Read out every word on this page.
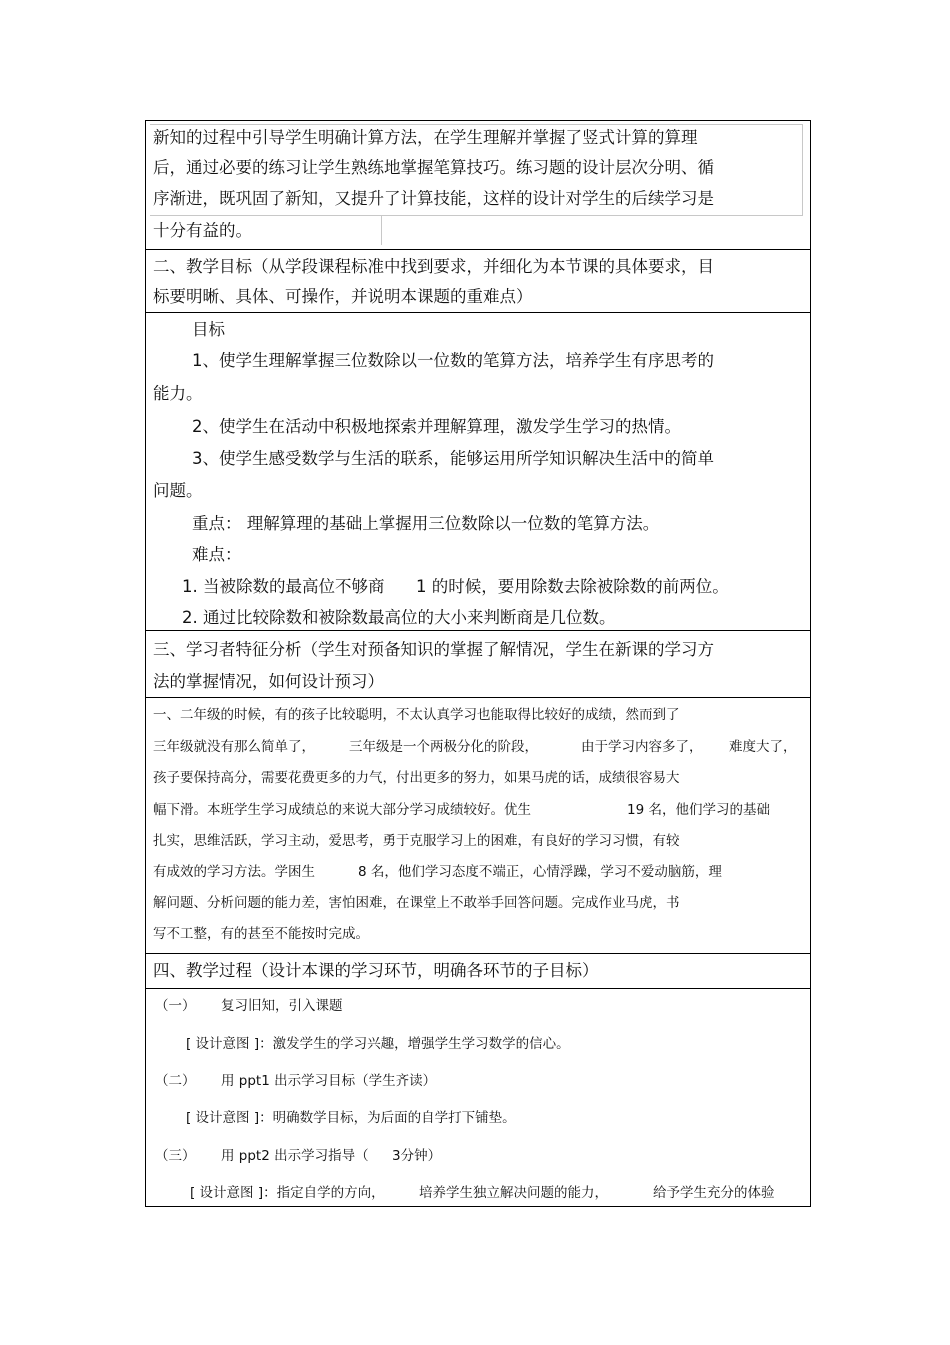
新知的过程中引导学生明确计算方法，在学生理解并掌握了竖式计算的算理
后，通过必要的练习让学生熟练地掌握笔算技巧。练习题的设计层次分明、循
序渐进，既巩固了新知，又提升了计算技能，这样的设计对学生的后续学习是
十分有益的。
二、教学目标（从学段课程标准中找到要求，并细化为本节课的具体要求，目
标要明晰、具体、可操作，并说明本课题的重难点）
目标
1、使学生理解掌握三位数除以一位数的笔算方法，培养学生有序思考的
能力。
2、使学生在活动中积极地探索并理解算理，激发学生学习的热情。
3、使学生感受数学与生活的联系，能够运用所学知识解决生活中的简单
问题。
重点： 理解算理的基础上掌握用三位数除以一位数的笔算方法。
难点：
1. 当被除数的最高位不够商 1 的时候，要用除数去除被除数的前两位。
2. 通过比较除数和被除数最高位的大小来判断商是几位数。
三、学习者特征分析（学生对预备知识的掌握了解情况，学生在新课的学习方
法的掌握情况，如何设计预习）
一、二年级的时候，有的孩子比较聪明，不太认真学习也能取得比较好的成绩，然而到了
三年级就没有那么简单了，	三年级是一个两极分化的阶段，	由于学习内容多了， 难度大了，
孩子要保持高分，需要花费更多的力气，付出更多的努力，如果马虎的话，成绩很容易大
幅下滑。本班学生学习成绩总的来说大部分学习成绩较好。优生	19 名，他们学习的基础
扎实，思维活跃，学习主动，爱思考，勇于克服学习上的困难，有良好的学习习惯，有较
有成效的学习方法。学困生	8 名，他们学习态度不端正，心情浮躁，学习不爱动脑筋，理
解问题、分析问题的能力差，害怕困难，在课堂上不敢举手回答问题。完成作业马虎，书
写不工整，有的甚至不能按时完成。
四、教学过程（设计本课的学习环节，明确各环节的子目标）
（一） 复习旧知，引入课题
[ 设计意图 ]：激发学生的学习兴趣，增强学生学习数学的信心。
（二） 用 ppt1 出示学习目标（学生齐读）
[ 设计意图 ]：明确数学目标，为后面的自学打下铺垫。
（三） 用 ppt2 出示学习指导（ 3分钟）
[ 设计意图 ]：指定自学的方向，	培养学生独立解决问题的能力，	给予学生充分的体验
